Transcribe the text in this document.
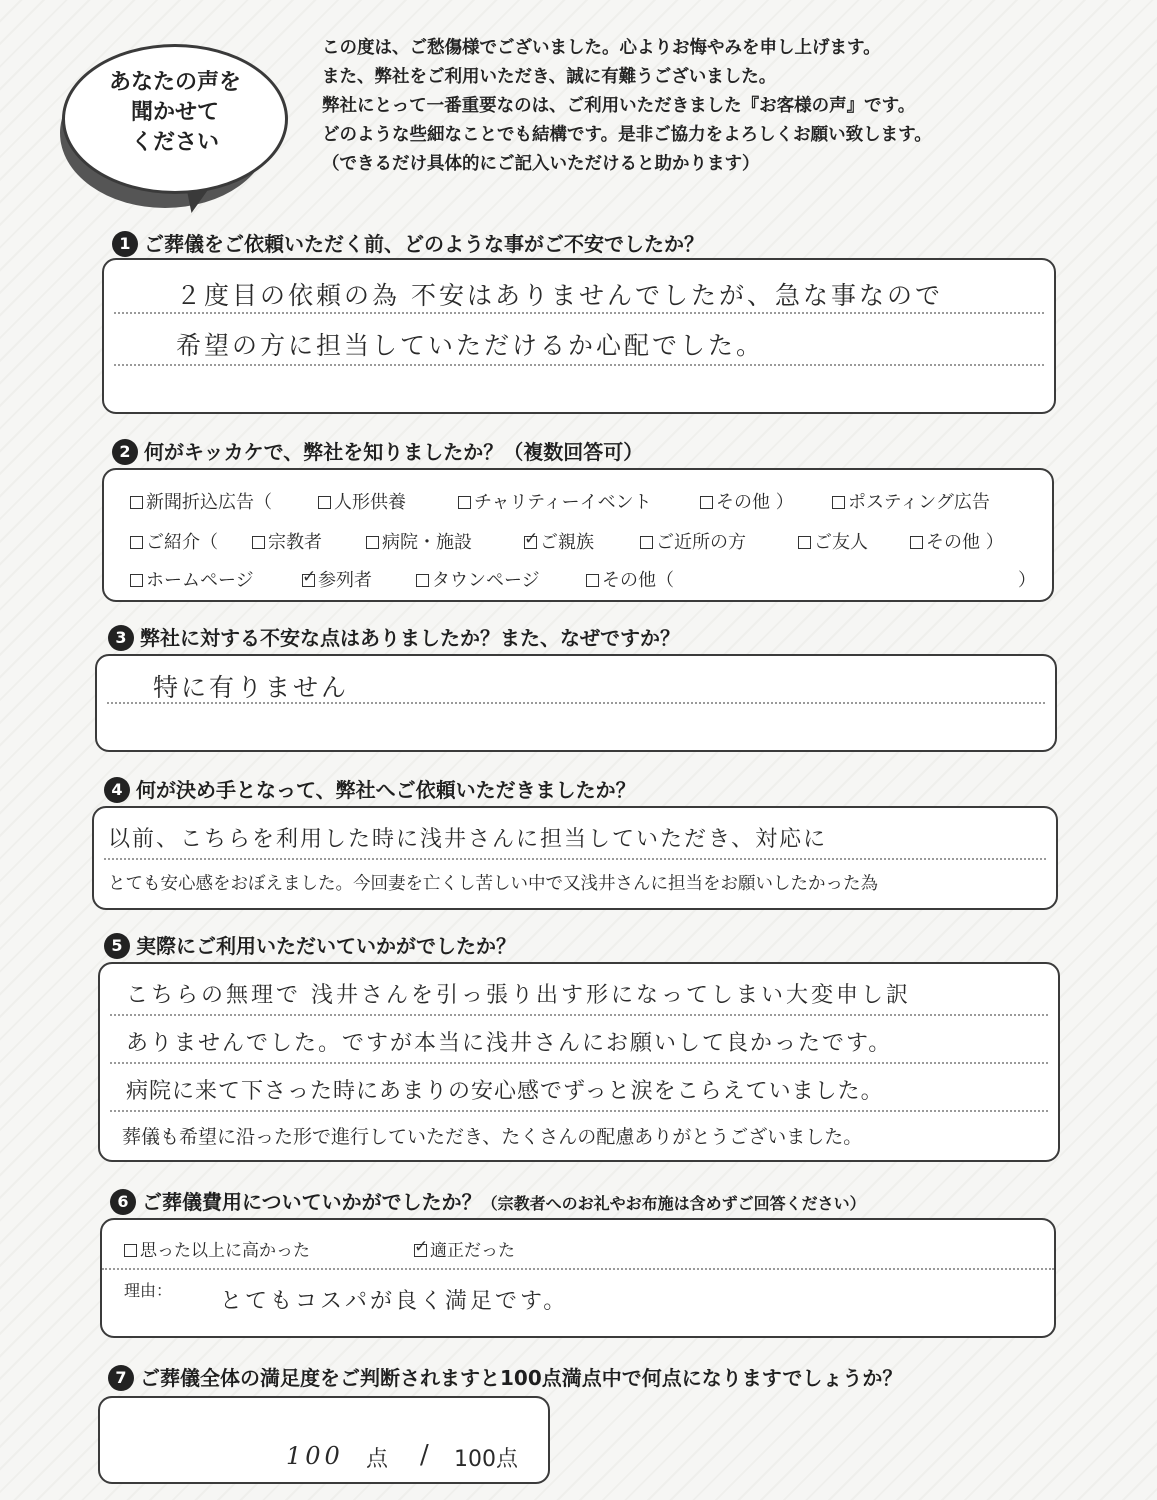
あなたの声を
聞かせて
ください
この度は、ご愁傷様でございました。心よりお悔やみを申し上げます。
また、弊社をご利用いただき、誠に有難うございました。
弊社にとって一番重要なのは、ご利用いただきました『お客様の声』です。
どのような些細なことでも結構です。是非ご協力をよろしくお願い致します。
（できるだけ具体的にご記入いただけると助かります）
1 ご葬儀をご依頼いただく前、どのような事がご不安でしたか？
２度目の依頼の為 不安はありませんでしたが、急な事なので
希望の方に担当していただけるか心配でした。
2 何がキッカケで、弊社を知りましたか？（複数回答可）
新聞折込広告（	人形供養	チャリティーイベント	その他 ）	ポスティング広告
ご紹介（	宗教者	病院・施設 ✓	ご親族	ご近所の方	ご友人	その他 ）
ホームページ ✓	参列者	タウンページ	その他（	）
3 弊社に対する不安な点はありましたか？また、なぜですか？
特に有りません
4 何が決め手となって、弊社へご依頼いただきましたか？
以前、こちらを利用した時に浅井さんに担当していただき、対応に
とても安心感をおぼえました。今回妻を亡くし苦しい中で又浅井さんに担当をお願いしたかった為
5 実際にご利用いただいていかがでしたか？
こちらの無理で 浅井さんを引っ張り出す形になってしまい大変申し訳
ありませんでした。ですが本当に浅井さんにお願いして良かったです。
病院に来て下さった時にあまりの安心感でずっと涙をこらえていました。
葬儀も希望に沿った形で進行していただき、たくさんの配慮ありがとうございました。
6 ご葬儀費用についていかがでしたか？（宗教者へのお礼やお布施は含めずご回答ください）
思った以上に高かった ✓	適正だった
理由： とてもコスパが良く満足です。
7 ご葬儀全体の満足度をご判断されますと100点満点中で何点になりますでしょうか？
100 点 / 100点
